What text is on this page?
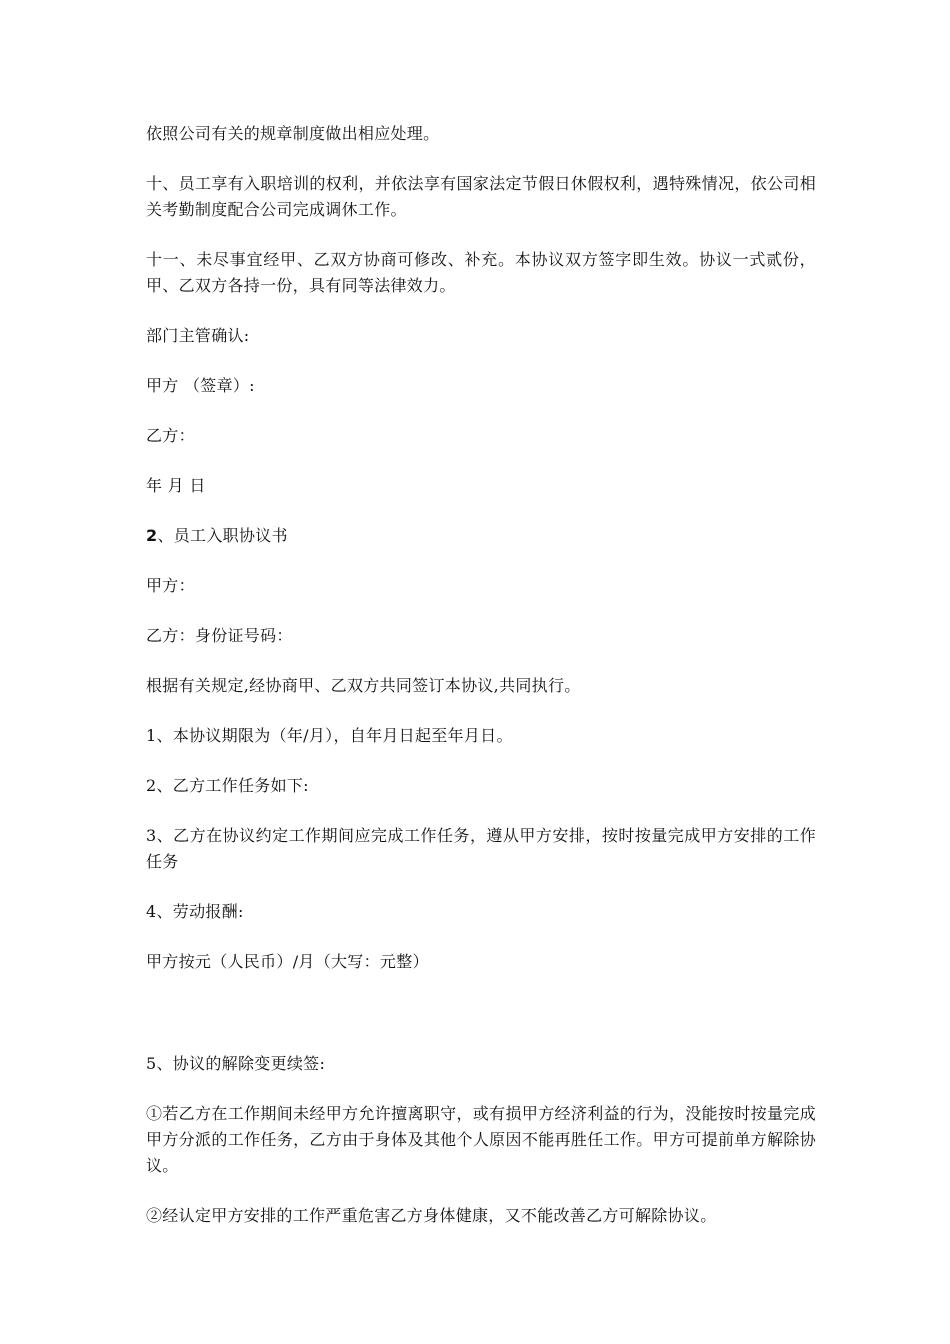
依照公司有关的规章制度做出相应处理。

十、员工享有入职培训的权利，并依法享有国家法定节假日休假权利，遇特殊情况，依公司相关考勤制度配合公司完成调休工作。

十一、未尽事宜经甲、乙双方协商可修改、补充。本协议双方签字即生效。协议一式贰份，甲、乙双方各持一份，具有同等法律效力。

部门主管确认:

甲方 （签章）:

乙方：

年 月 日

2、员工入职协议书

甲方：

乙方：身份证号码：

根据有关规定,经协商甲、乙双方共同签订本协议,共同执行。

1、本协议期限为（年/月），自年月日起至年月日。

2、乙方工作任务如下:

3、乙方在协议约定工作期间应完成工作任务，遵从甲方安排，按时按量完成甲方安排的工作任务

4、劳动报酬:

甲方按元（人民币）/月（大写：元整）

5、协议的解除变更续签:

①若乙方在工作期间未经甲方允许擅离职守，或有损甲方经济利益的行为，没能按时按量完成甲方分派的工作任务，乙方由于身体及其他个人原因不能再胜任工作。甲方可提前单方解除协议。

②经认定甲方安排的工作严重危害乙方身体健康，又不能改善乙方可解除协议。
